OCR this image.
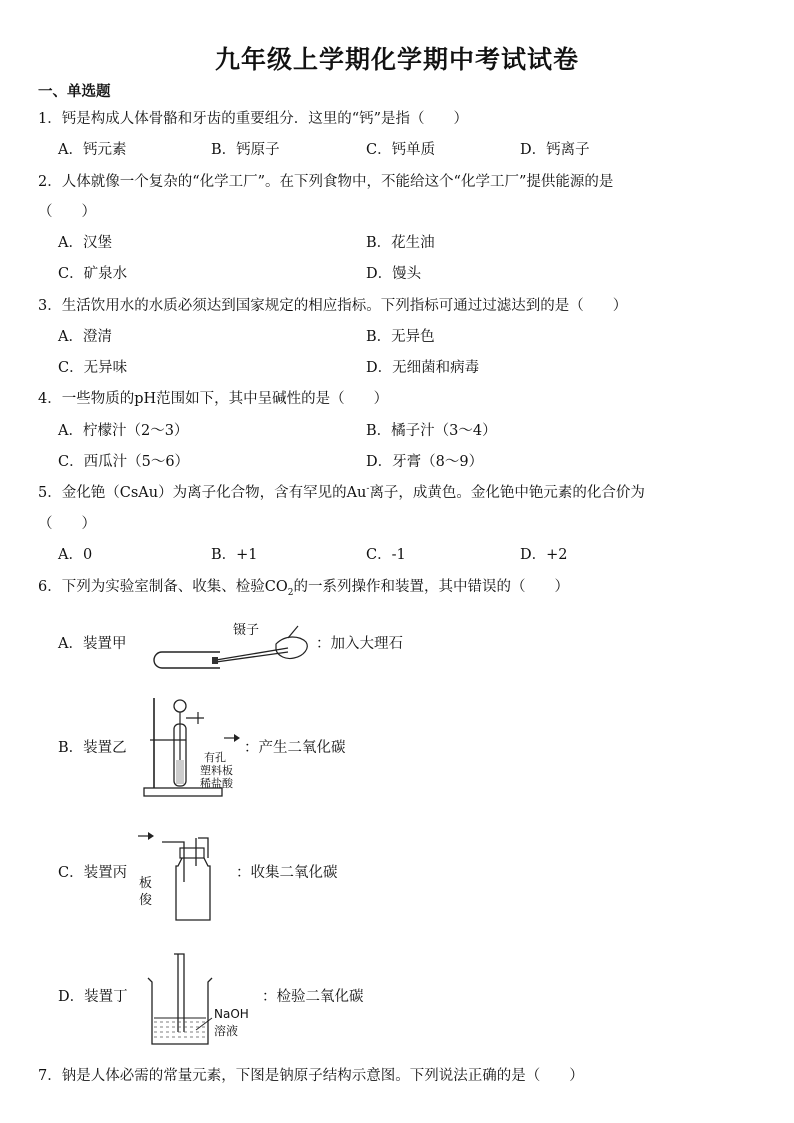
九年级上学期化学期中考试试卷
一、单选题
1．钙是构成人体骨骼和牙齿的重要组分．这里的“钙”是指（　　）
A．钙元素	B．钙原子	C．钙单质	D．钙离子
2．人体就像一个复杂的“化学工厂”。在下列食物中，不能给这个“化学工厂”提供能源的是
（　　）
A．汉堡	B．花生油
C．矿泉水	D．馒头
3．生活饮用水的水质必须达到国家规定的相应指标。下列指标可通过过滤达到的是（　　）
A．澄清	B．无异色
C．无异味	D．无细菌和病毒
4．一些物质的pH范围如下，其中呈碱性的是（　　）
A．柠檬汁（2～3）	B．橘子汁（3～4）
C．西瓜汁（5～6）	D．牙膏（8～9）
5．金化铯（CsAu）为离子化合物，含有罕见的Au-离子，成黄色。金化铯中铯元素的化合价为
（　　）
A．0	B．+1	C．-1	D．+2
6．下列为实验室制备、收集、检验$CO_2$的一系列操作和装置，其中错误的（　　）
A．装置甲
镊子
：加入大理石
B．装置乙
有孔
塑料板
稀盐酸
：产生二氧化碳
C．装置丙
板
俊
：收集二氧化碳
D．装置丁
NaOH
溶液
：检验二氧化碳
7．钠是人体必需的常量元素，下图是钠原子结构示意图。下列说法正确的是（　　）
